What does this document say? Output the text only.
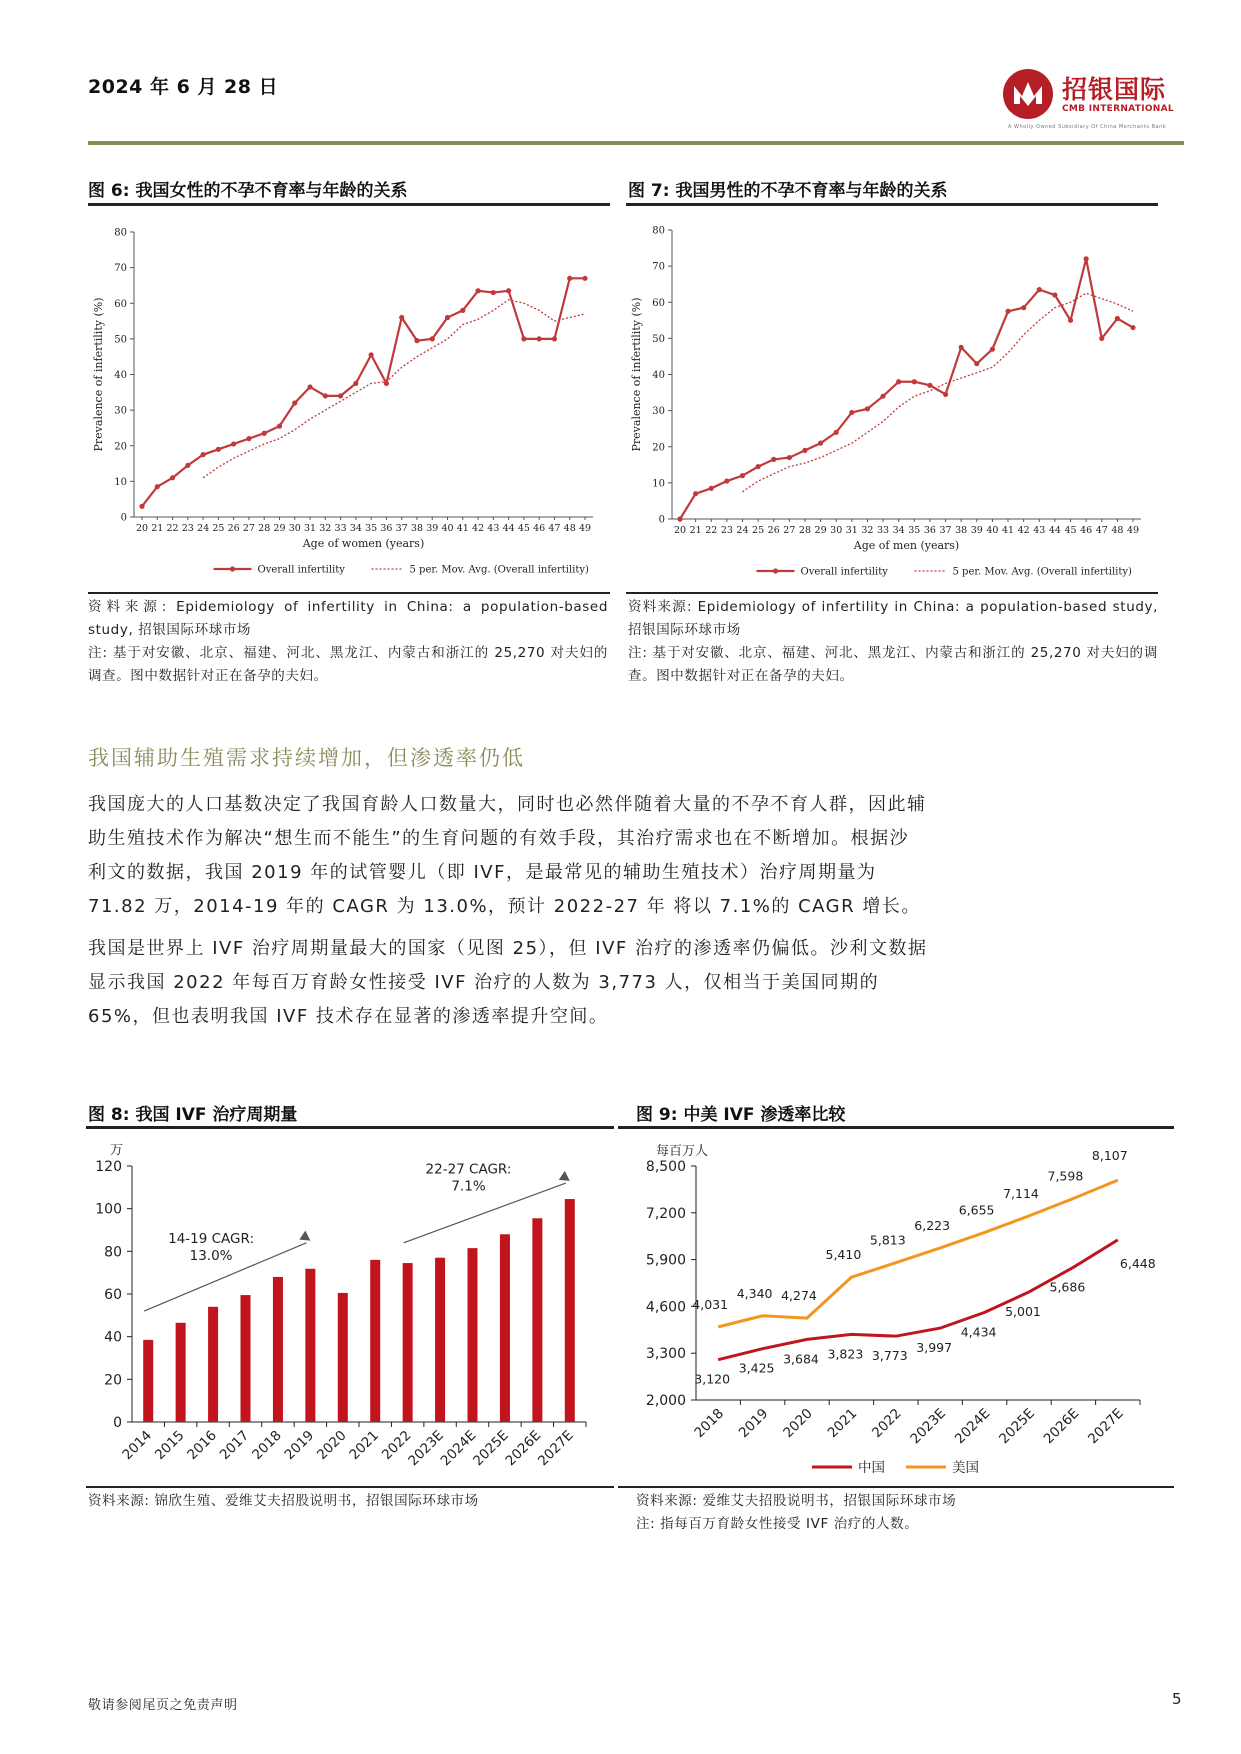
2024 年 6 月 28 日	招银国际
CMB INTERNATIONAL
A Wholly Owned Subsidiary Of China Merchants Bank
图 6: 我国女性的不孕不育率与年龄的关系
0
10
20
30
40
50
60
70
80
20 21 22 23 24 25 26 27 28 29 30 31 32 33 34 35 36 37 38 39 40 41 42 43 44 45 46 47 48 49
Age of women (years)
Prevalence of infertility (%)
Overall infertility	5 per. Mov. Avg. (Overall infertility)
资料来源: Epidemiology of infertility in China: a population-based study, 招银国际环球市场
注: 基于对安徽、北京、福建、河北、黑龙江、内蒙古和浙江的 25,270 对夫妇的调查。图中数据针对正在备孕的夫妇。
图 7: 我国男性的不孕不育率与年龄的关系
0
10
20
30
40
50
60
70
80
20 21 22 23 24 25 26 27 28 29 30 31 32 33 34 35 36 37 38 39 40 41 42 43 44 45 46 47 48 49
Age of men (years)
Prevalence of infertility (%)
Overall infertility	5 per. Mov. Avg. (Overall infertility)
资料来源: Epidemiology of infertility in China: a population-based study, 招银国际环球市场
注: 基于对安徽、北京、福建、河北、黑龙江、内蒙古和浙江的 25,270 对夫妇的调查。图中数据针对正在备孕的夫妇。
我国辅助生殖需求持续增加，但渗透率仍低

我国庞大的人口基数决定了我国育龄人口数量大，同时也必然伴随着大量的不孕不育人群，因此辅助生殖技术作为解决“想生而不能生”的生育问题的有效手段，其治疗需求也在不断增加。根据沙利文的数据，我国 2019 年的试管婴儿（即 IVF，是最常见的辅助生殖技术）治疗周期量为 71.82 万，2014-19 年的 CAGR 为 13.0%，预计 2022-27 年 将以 7.1%的 CAGR 增长。

我国是世界上 IVF 治疗周期量最大的国家（见图 25），但 IVF 治疗的渗透率仍偏低。沙利文数据显示我国 2022 年每百万育龄女性接受 IVF 治疗的人数为 3,773 人，仅相当于美国同期的 65%，但也表明我国 IVF 技术存在显著的渗透率提升空间。

图 8: 我国 IVF 治疗周期量
万
0
20
40
60
80
100
120
2014
2015
2016
2017
2018
2019
2020
2021
2022
2023E
2024E
2025E
2026E
2027E
14-19 CAGR:
13.0%
22-27 CAGR:
7.1%
资料来源: 锦欣生殖、爱维艾夫招股说明书，招银国际环球市场
图 9: 中美 IVF 渗透率比较
每百万人
2,000
3,300
4,600
5,900
7,200
8,500
2018 2019 2020 2021 2022 2023E 2024E 2025E 2026E 2027E
4,031
4,340 4,274
5,410
5,813
6,223
6,655
7,114
7,598
8,107
3,120
3,425
3,684 3,823 3,773
3,997
4,434
5,001
5,686
6,448
中国	美国
资料来源: 爱维艾夫招股说明书，招银国际环球市场
注: 指每百万育龄女性接受 IVF 治疗的人数。
敬请参阅尾页之免责声明	5
